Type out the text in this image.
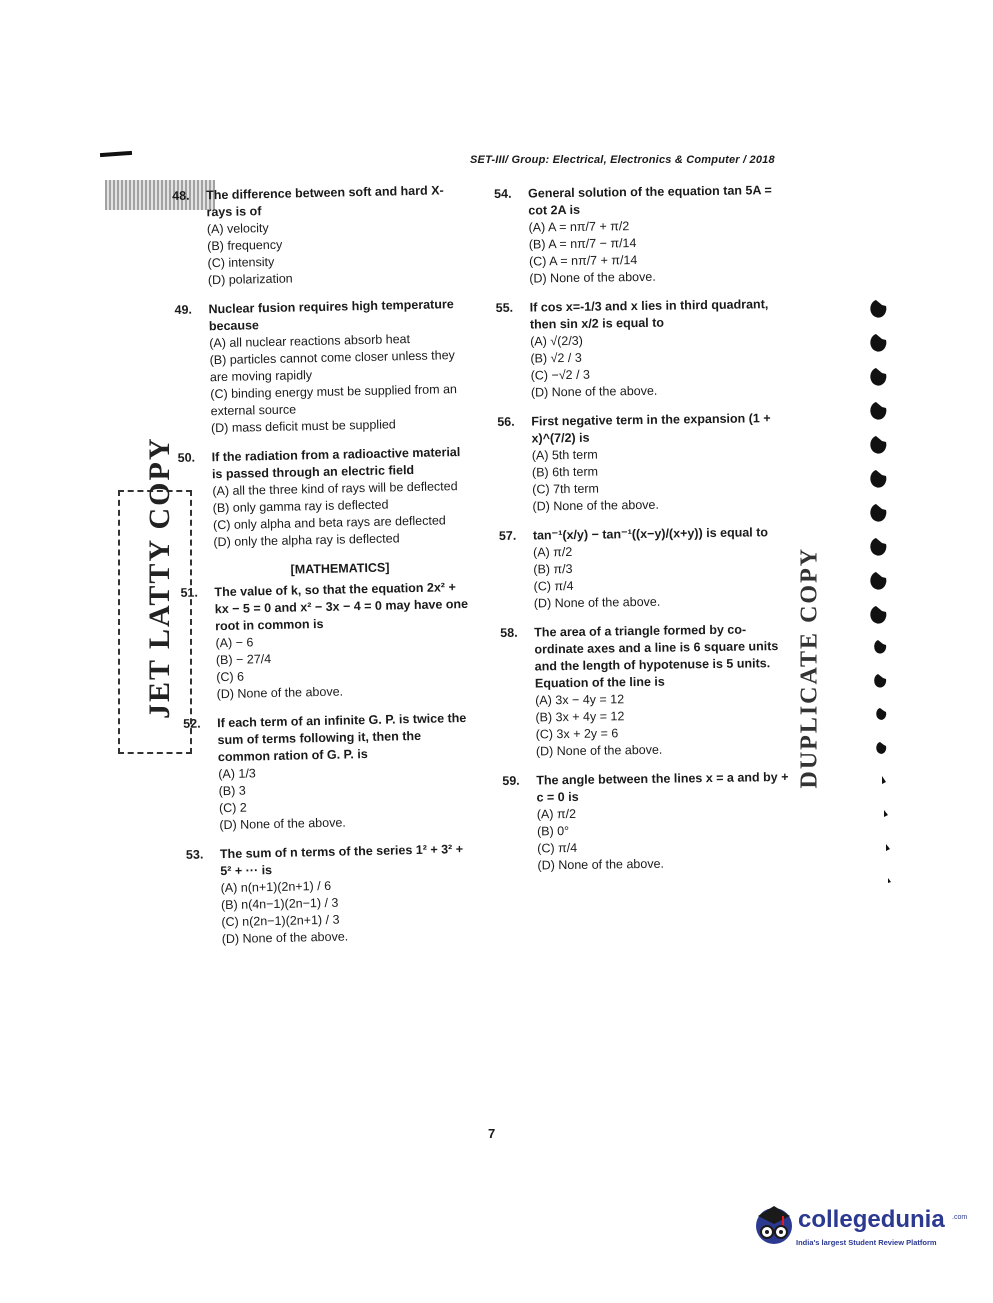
SET-III/ Group: Electrical, Electronics & Computer / 2018
48.	The difference between soft and hard X-rays is of
(A) velocity
(B) frequency
(C) intensity
(D) polarization
49.	Nuclear fusion requires high temperature because
(A) all nuclear reactions absorb heat
(B) particles cannot come closer unless they are moving rapidly
(C) binding energy must be supplied from an external source
(D) mass deficit must be supplied
50.	If the radiation from a radioactive material is passed through an electric field
(A) all the three kind of rays will be deflected
(B) only gamma ray is deflected
(C) only alpha and beta rays are deflected
(D) only the alpha ray is deflected
[MATHEMATICS]
51.	The value of k, so that the equation 2x² + kx − 5 = 0 and x² − 3x − 4 = 0 may have one root in common is
(A) − 6
(B) − 27/4
(C) 6
(D) None of the above.
52.	If each term of an infinite G. P. is twice the sum of terms following it, then the common ration of G. P. is
(A) 1/3
(B) 3
(C) 2
(D) None of the above.
53.	The sum of n terms of the series 1² + 3² + 5² + ··· is
(A) n(n+1)(2n+1) / 6
(B) n(4n−1)(2n−1) / 3
(C) n(2n−1)(2n+1) / 3
(D) None of the above.
54.	General solution of the equation tan 5A = cot 2A is
(A) A = nπ/7 + π/2
(B) A = nπ/7 − π/14
(C) A = nπ/7 + π/14
(D) None of the above.
55.	If cos x=-1/3 and x lies in third quadrant, then sin x/2 is equal to
(A) √(2/3)
(B) √2 / 3
(C) −√2 / 3
(D) None of the above.
56.	First negative term in the expansion (1 + x)^(7/2) is
(A) 5th term
(B) 6th term
(C) 7th term
(D) None of the above.
57.	tan⁻¹(x/y) − tan⁻¹((x−y)/(x+y)) is equal to
(A) π/2
(B) π/3
(C) π/4
(D) None of the above.
58.	The area of a triangle formed by co-ordinate axes and a line is 6 square units and the length of hypotenuse is 5 units. Equation of the line is
(A) 3x − 4y = 12
(B) 3x + 4y = 12
(C) 3x + 2y = 6
(D) None of the above.
59.	The angle between the lines x = a and by + c = 0 is
(A) π/2
(B) 0°
(C) π/4
(D) None of the above.
JET LATTY COPY	DUPLICATE COPY
7
collegedunia .com
India's largest Student Review Platform
